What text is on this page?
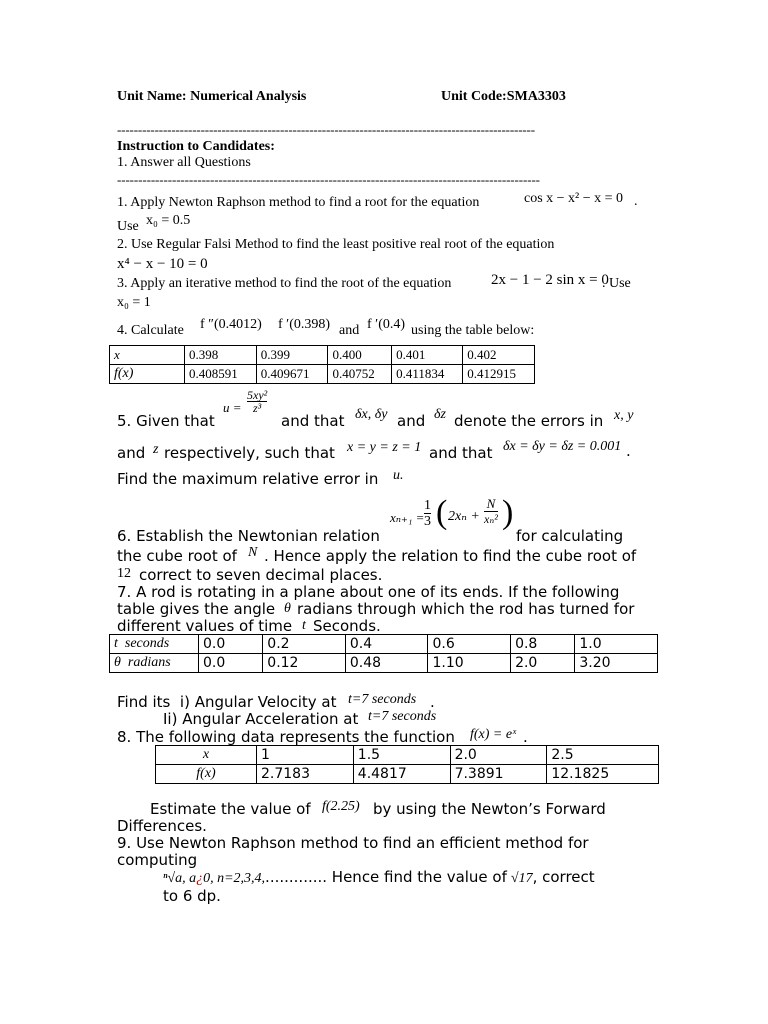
Unit Name: Numerical Analysis	Unit Code:SMA3303
----------------------------------------------------------------------------------------------------
Instruction to Candidates:
1. Answer all Questions
----------------------------------------------------------------------------------------------------
1. Apply Newton Raphson method to find a root for the equation	cos x − x² − x = 0 .
Use x₀ = 0.5
2. Use Regular Falsi Method to find the least positive real root of the equation
x⁴ − x − 10 = 0
3. Apply an iterative method to find the root of the equation	2x − 1 − 2 sin x = 0
. Use
x₀ = 1
4. Calculate f ″(0.4012) f ′(0.398) and f ′(0.4) using the table below:
x	0.398	0.399	0.400	0.401	0.402
f(x)	0.408591	0.409671	0.40752	0.411834	0.412915
5. Given that
$u = \frac{\text{5xy²}}{\text{z³}}$
and that δx, δy and δz denote the errors in x, y
and z respectively, such that x = y = z = 1 and that δx = δy = δz = 0.001 .
Find the maximum relative error in u.
$x_{n+1} = \frac{1}{3}$ ( $2x_n + \frac{N}{\text{xₙ²}}$ )
6. Establish the Newtonian relation	for calculating
the cube root of N . Hence apply the relation to find the cube root of
12 correct to seven decimal places.
7. A rod is rotating in a plane about one of its ends. If the following
table gives the angle θ radians through which the rod has turned for
different values of time t Seconds.
t  seconds	0.0	0.2	0.4	0.6	0.8	1.0
θ  radians	0.0	0.12	0.48	1.10	2.0	3.20
Find its  i) Angular Velocity at t=7 seconds .
Ii) Angular Acceleration at t=7 seconds
8. The following data represents the function f(x) = eˣ .
x	1	1.5	2.0	2.5
f(x)	2.7183	4.4817	7.3891	12.1825
Estimate the value of f(2.25) by using the Newton’s Forward
Differences.
9. Use Newton Raphson method to find an efficient method for
computing
ⁿ√a, a¿0, n=2,3,4,............. Hence find the value of √17, correct
to 6 dp.
